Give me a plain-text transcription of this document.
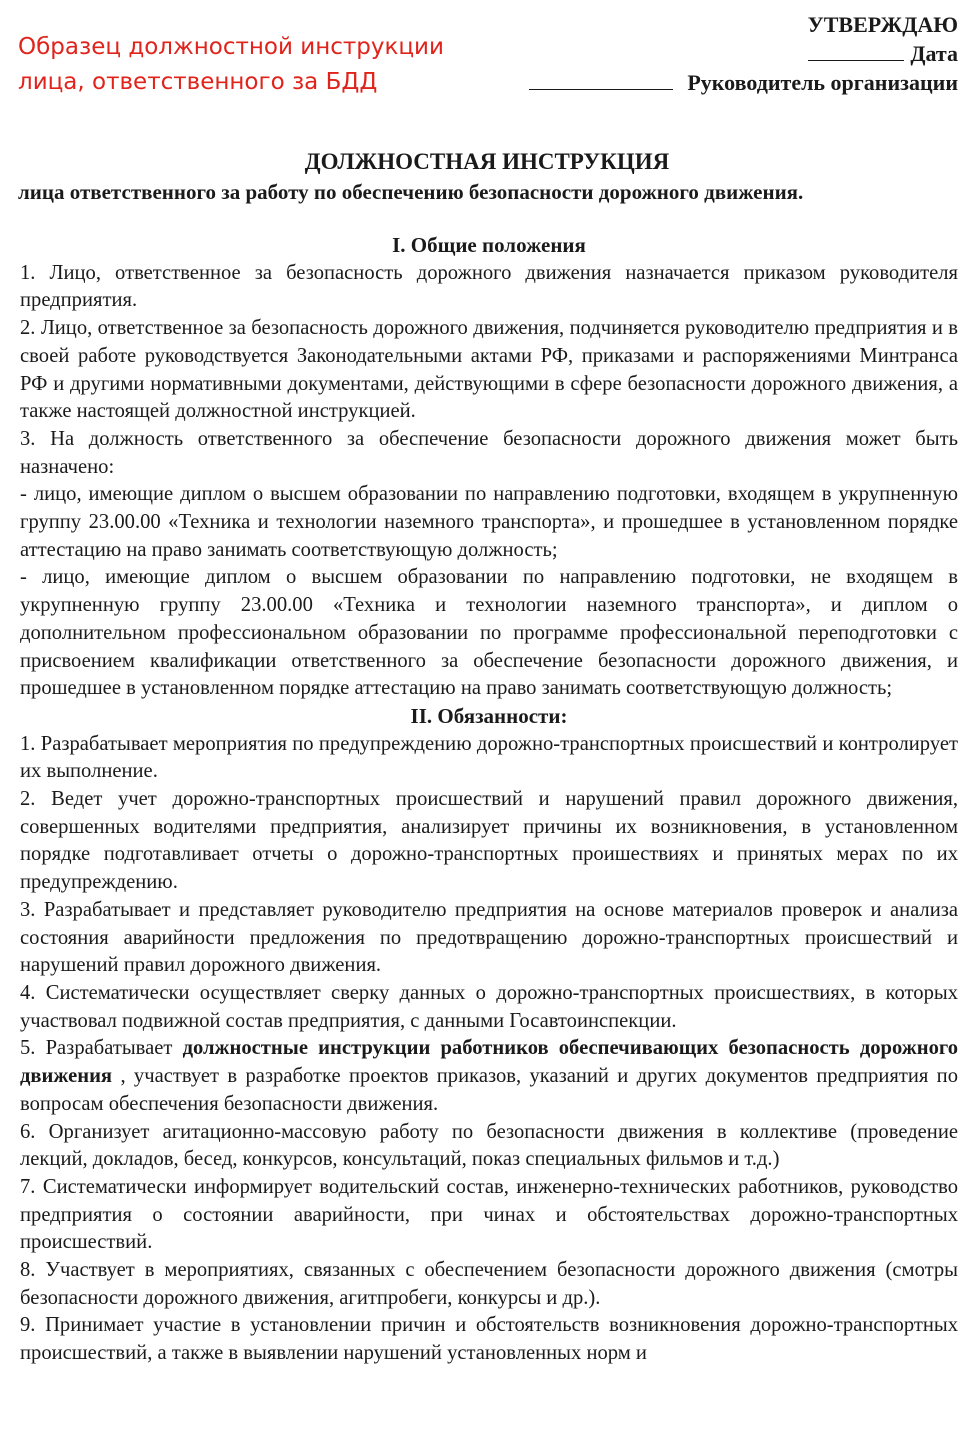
Образец должностной инструкции лица, ответственного за БДД

УТВЕРЖДАЮ
Дата
Руководитель организации
ДОЛЖНОСТНАЯ ИНСТРУКЦИЯ
лица ответственного за работу по обеспечению безопасности дорожного движения.
I. Общие положения

1. Лицо, ответственное за безопасность дорожного движения назначается приказом руководителя предприятия.

2. Лицо, ответственное за безопасность дорожного движения, подчиняется руководителю предприятия и в своей работе руководствуется Законодательными актами РФ, приказами и распоряжениями Минтранса РФ и другими нормативными документами, действующими в сфере безопасности дорожного движения, а также настоящей должностной инструкцией.

3. На должность ответственного за обеспечение безопасности дорожного движения может быть назначено:

- лицо, имеющие диплом о высшем образовании по направлению подготовки, входящем в укрупненную группу 23.00.00 «Техника и технологии наземного транспорта», и прошедшее в установленном порядке аттестацию на право занимать соответствующую должность;

- лицо, имеющие диплом о высшем образовании по направлению подготовки, не входящем в укрупненную группу 23.00.00 «Техника и технологии наземного транспорта», и диплом о дополнительном профессиональном образовании по программе профессиональной переподготовки с присвоением квалификации ответственного за обеспечение безопасности дорожного движения, и прошедшее в установленном порядке аттестацию на право занимать соответствующую должность;

II. Обязанности:

1. Разрабатывает мероприятия по предупреждению дорожно-транспортных происшествий и контролирует их выполнение.

2. Ведет учет дорожно-транспортных происшествий и нарушений правил дорожного движения, совершенных водителями предприятия, анализирует причины их возникновения, в установленном порядке подготавливает отчеты о дорожно-транспортных проишествиях и принятых мерах по их предупреждению.

3. Разрабатывает и представляет руководителю предприятия на основе материалов проверок и анализа состояния аварийности предложения по предотвращению дорожно-транспортных происшествий и нарушений правил дорожного движения.

4. Систематически осуществляет сверку данных о дорожно-транспортных происшествиях, в которых участвовал подвижной состав предприятия, с данными Госавтоинспекции.

5. Разрабатывает должностные инструкции работников обеспечивающих безопасность дорожного движения , участвует в разработке проектов приказов, указаний и других документов предприятия по вопросам обеспечения безопасности движения.

6. Организует агитационно-массовую работу по безопасности движения в коллективе (проведение лекций, докладов, бесед, конкурсов, консультаций, показ специальных фильмов и т.д.)

7. Систематически информирует водительский состав, инженерно-технических работников, руководство предприятия о состоянии аварийности, при чинах и обстоятельствах дорожно-транспортных происшествий.

8. Участвует в мероприятиях, связанных с обеспечением безопасности дорожного движения (смотры безопасности дорожного движения, агитпробеги, конкурсы и др.).

9. Принимает участие в установлении причин и обстоятельств возникновения дорожно-транспортных происшествий, а также в выявлении нарушений установленных норм и
